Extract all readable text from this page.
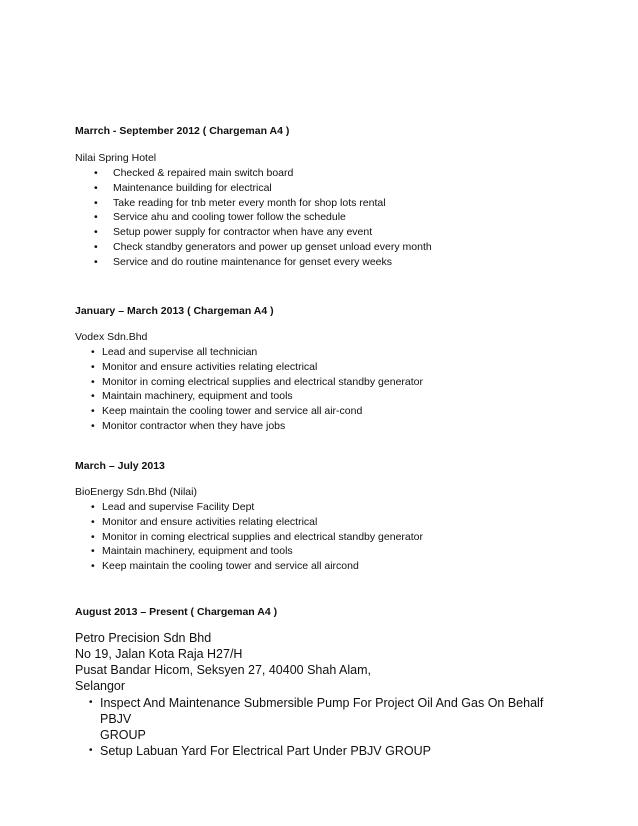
Marrch - September 2012 ( Chargeman A4 )

Nilai Spring Hotel

• Checked & repaired main switch board
• Maintenance building for electrical
• Take reading for tnb meter every month for shop lots rental
• Service ahu and cooling tower follow the schedule
• Setup power supply for contractor when have any event
• Check standby generators and power up genset unload every month
• Service and do routine maintenance for genset every weeks

January – March 2013 ( Chargeman A4 )

Vodex Sdn.Bhd

• Lead and supervise all technician
• Monitor and ensure activities relating electrical
• Monitor in coming electrical supplies and electrical standby generator
• Maintain machinery, equipment and tools
• Keep maintain the cooling tower and service all air-cond
• Monitor contractor when they have jobs

March – July 2013

BioEnergy Sdn.Bhd (Nilai)

• Lead and supervise Facility Dept
• Monitor and ensure activities relating electrical
• Monitor in coming electrical supplies and electrical standby generator
• Maintain machinery, equipment and tools
• Keep maintain the cooling tower and service all aircond

August 2013 – Present ( Chargeman A4 )

Petro Precision Sdn Bhd

No 19, Jalan Kota Raja H27/H

Pusat Bandar Hicom, Seksyen 27, 40400 Shah Alam,

Selangor

• Inspect And Maintenance Submersible Pump For Project Oil And Gas On Behalf PBJV
GROUP
• Setup Labuan Yard For Electrical Part Under PBJV GROUP
